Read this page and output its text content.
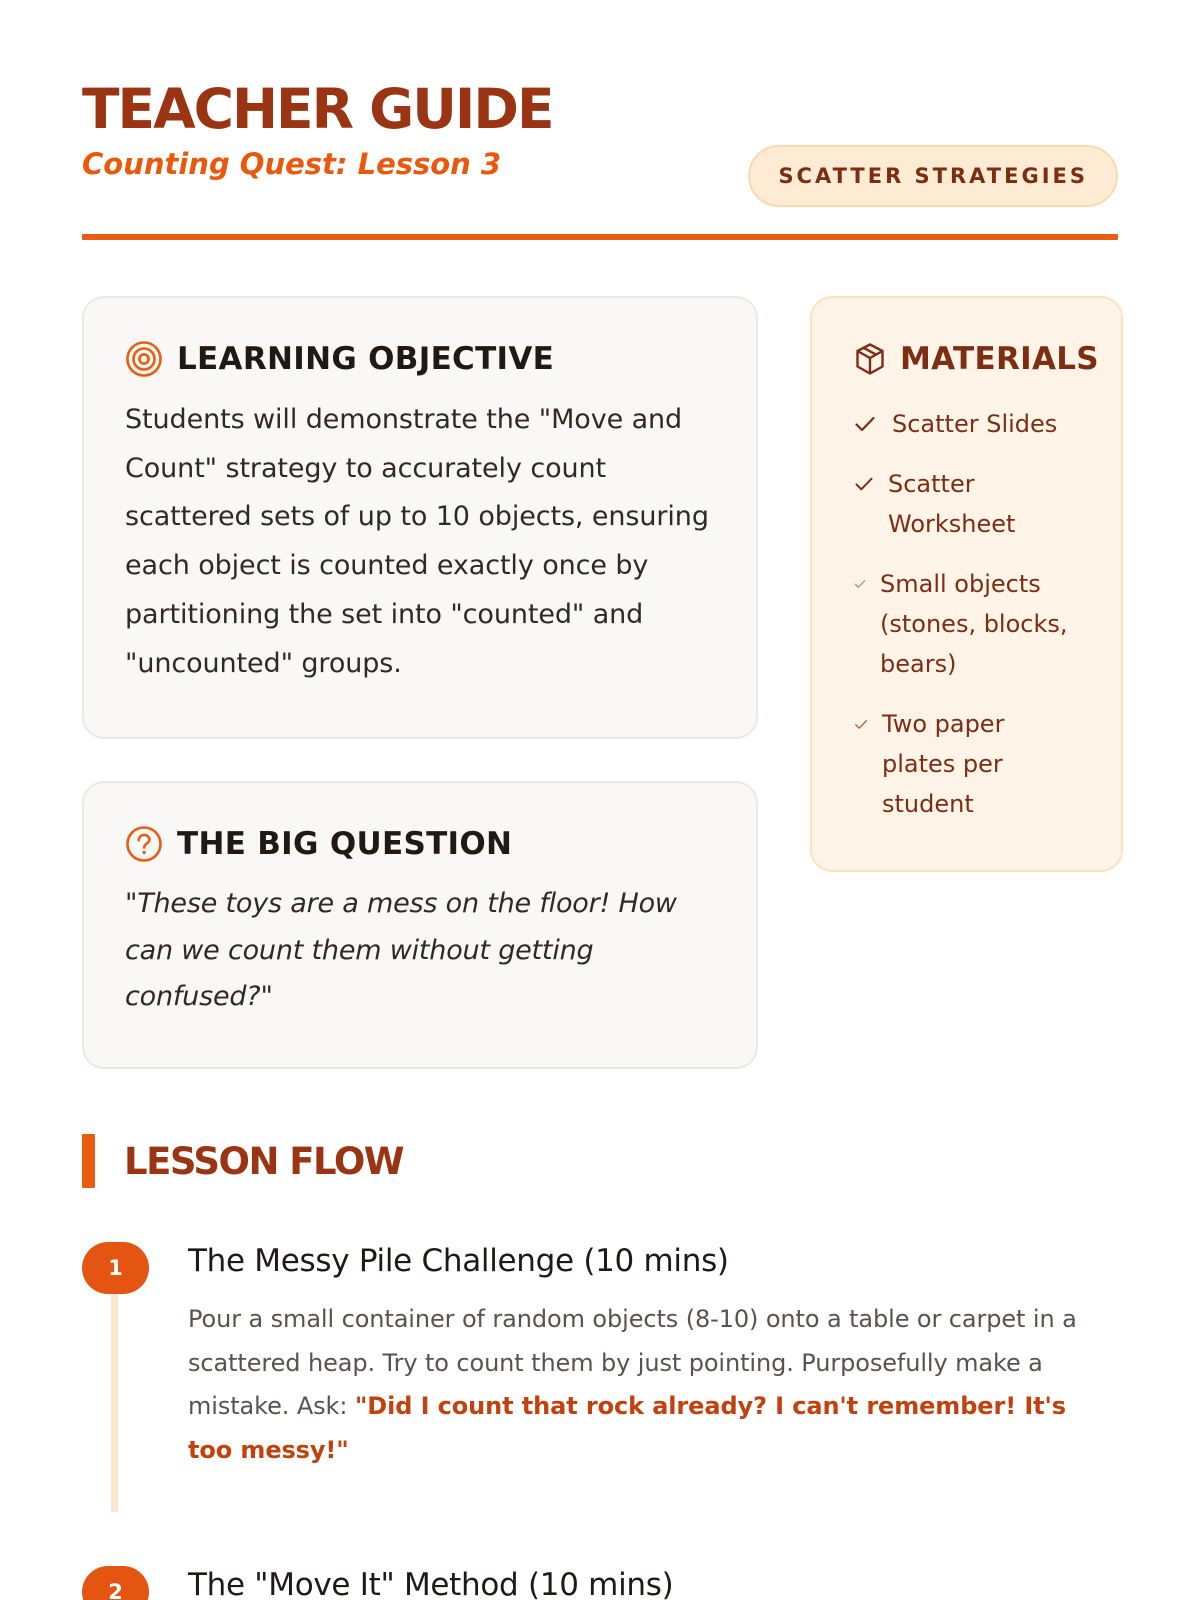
TEACHER GUIDE
Counting Quest: Lesson 3	SCATTER STRATEGIES
LEARNING OBJECTIVE

Students will demonstrate the "Move and Count" strategy to accurately count scattered sets of up to 10 objects, ensuring each object is counted exactly once by partitioning the set into "counted" and "uncounted" groups.

THE BIG QUESTION

"These toys are a mess on the floor! How can we count them without getting confused?"

MATERIALS
Scatter Slides
Scatter Worksheet
Small objects (stones, blocks, bears)
Two paper plates per student
LESSON FLOW
1	The Messy Pile Challenge (10 mins)

Pour a small container of random objects (8-10) onto a table or carpet in a scattered heap. Try to count them by just pointing. Purposefully make a mistake. Ask: "Did I count that rock already? I can't remember! It's too messy!"

2	The "Move It" Method (10 mins)
